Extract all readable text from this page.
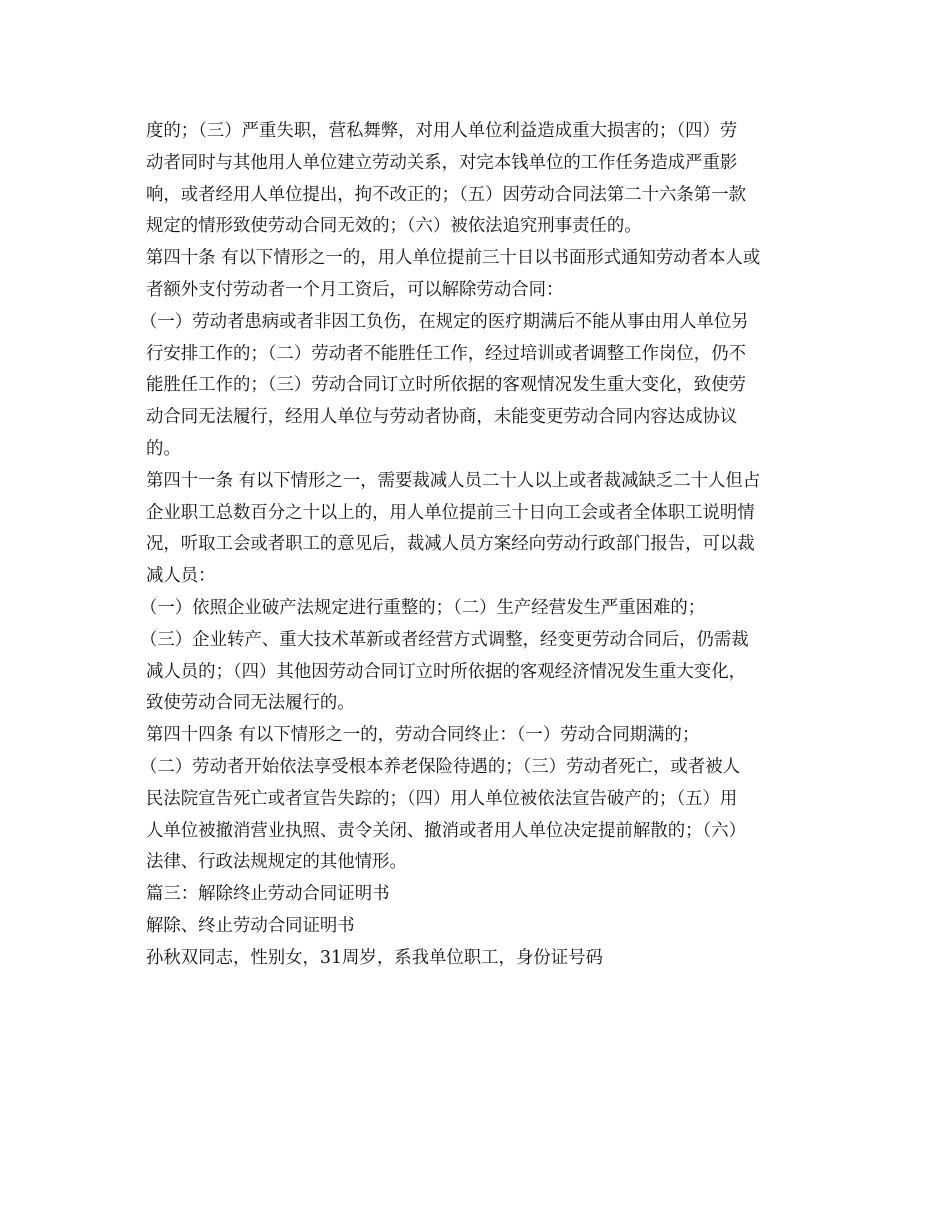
度的；（三）严重失职，营私舞弊，对用人单位利益造成重大损害的；（四）劳
动者同时与其他用人单位建立劳动关系，对完本钱单位的工作任务造成严重影
响，或者经用人单位提出，拘不改正的；（五）因劳动合同法第二十六条第一款
规定的情形致使劳动合同无效的；（六）被依法追究刑事责任的。
第四十条 有以下情形之一的，用人单位提前三十日以书面形式通知劳动者本人或
者额外支付劳动者一个月工资后，可以解除劳动合同：
（一）劳动者患病或者非因工负伤，在规定的医疗期满后不能从事由用人单位另
行安排工作的；（二）劳动者不能胜任工作，经过培训或者调整工作岗位，仍不
能胜任工作的；（三）劳动合同订立时所依据的客观情况发生重大变化，致使劳
动合同无法履行，经用人单位与劳动者协商，未能变更劳动合同内容达成协议
的。
第四十一条 有以下情形之一，需要裁减人员二十人以上或者裁减缺乏二十人但占
企业职工总数百分之十以上的，用人单位提前三十日向工会或者全体职工说明情
况，听取工会或者职工的意见后，裁减人员方案经向劳动行政部门报告，可以裁
减人员：
（一）依照企业破产法规定进行重整的；（二）生产经营发生严重困难的；
（三）企业转产、重大技术革新或者经营方式调整，经变更劳动合同后，仍需裁
减人员的；（四）其他因劳动合同订立时所依据的客观经济情况发生重大变化，
致使劳动合同无法履行的。
第四十四条 有以下情形之一的，劳动合同终止：（一）劳动合同期满的；
（二）劳动者开始依法享受根本养老保险待遇的；（三）劳动者死亡，或者被人
民法院宣告死亡或者宣告失踪的；（四）用人单位被依法宣告破产的；（五）用
人单位被撤消营业执照、责令关闭、撤消或者用人单位决定提前解散的；（六）
法律、行政法规规定的其他情形。
篇三：解除终止劳动合同证明书
解除、终止劳动合同证明书
孙秋双同志，性别女，31周岁，系我单位职工，身份证号码
